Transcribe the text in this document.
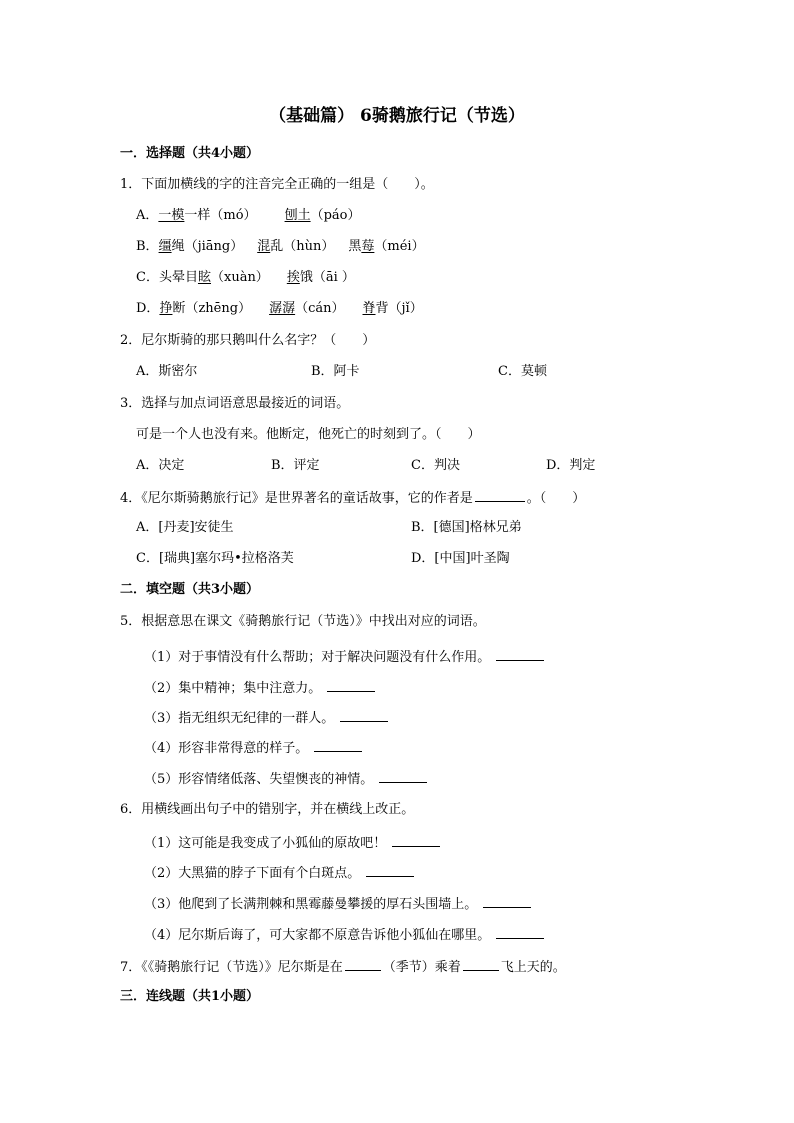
（基础篇） 6骑鹅旅行记（节选）
一．选择题（共4小题）
1．下面加横线的字的注音完全正确的一组是（　　）。
A．一模一样（mó） 刨土（páo）
B．缰绳（jiāng） 混乱（hùn） 黑莓（méi）
C．头晕目眩（xuàn） 挨饿（āi ）
D．挣断（zhēng） 潺潺（cán） 脊背（jǐ）
2．尼尔斯骑的那只鹅叫什么名字？（　　）
A．斯密尔	B．阿卡	C．莫顿
3．选择与加点词语意思最接近的词语。
可是一个人也没有来。他断定，他死亡的时刻到了。（　　）
A．决定	B．评定	C．判决	D．判定
4．《尼尔斯骑鹅旅行记》是世界著名的童话故事，它的作者是	。（　　）
A．[丹麦]安徒生	B．[德国]格林兄弟
C．[瑞典]塞尔玛•拉格洛芙	D．[中国]叶圣陶
二．填空题（共3小题）
5．根据意思在课文《骑鹅旅行记（节选）》中找出对应的词语。
（1）对于事情没有什么帮助；对于解决问题没有什么作用。
（2）集中精神；集中注意力。
（3）指无组织无纪律的一群人。
（4）形容非常得意的样子。
（5）形容情绪低落、失望懊丧的神情。
6．用横线画出句子中的错别字，并在横线上改正。
（1）这可能是我变成了小狐仙的原故吧！
（2）大黑猫的脖子下面有个白斑点。
（3）他爬到了长满荆棘和黑霉藤曼攀援的厚石头围墙上。
（4）尼尔斯后诲了，可大家都不原意告诉他小狐仙在哪里。
7．《《骑鹅旅行记（节选）》尼尔斯是在	（季节）乘着	飞上天的。
三．连线题（共1小题）
